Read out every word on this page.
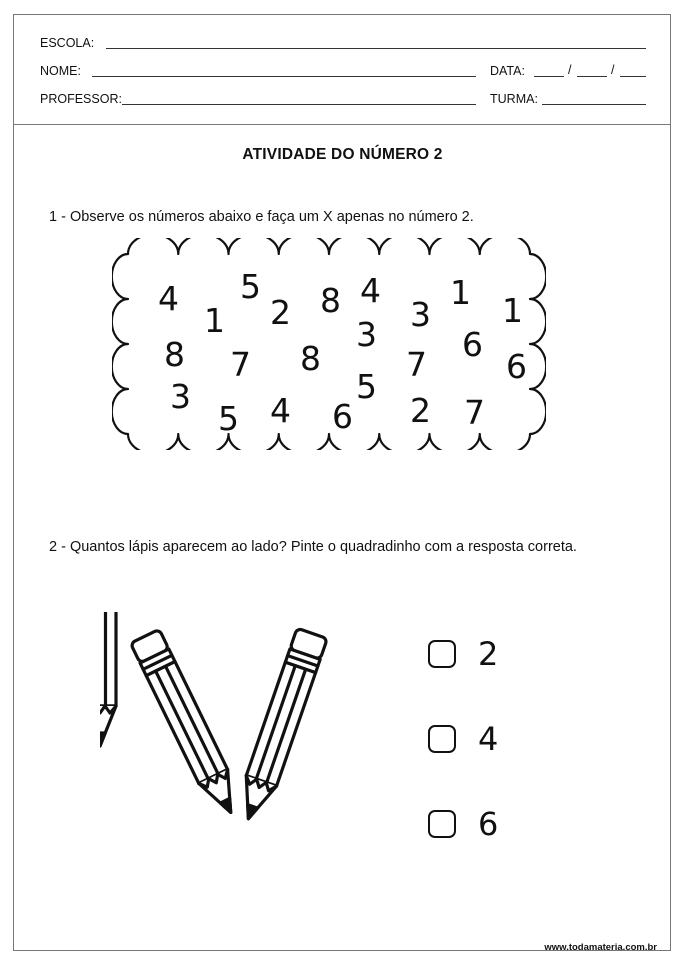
ESCOLA:
NOME:	DATA:	/	/
PROFESSOR:	TURMA:
ATIVIDADE DO NÚMERO 2
1 - Observe os números abaixo e faça um X apenas no número 2.
4 5
1 2 8 4
3
1 1
8 7 8
3
7
6
6
3
5 4 6
5
2 7
2 - Quantos lápis aparecem ao lado? Pinte o quadradinho com a resposta correta.
2
4
6
www.todamateria.com.br
